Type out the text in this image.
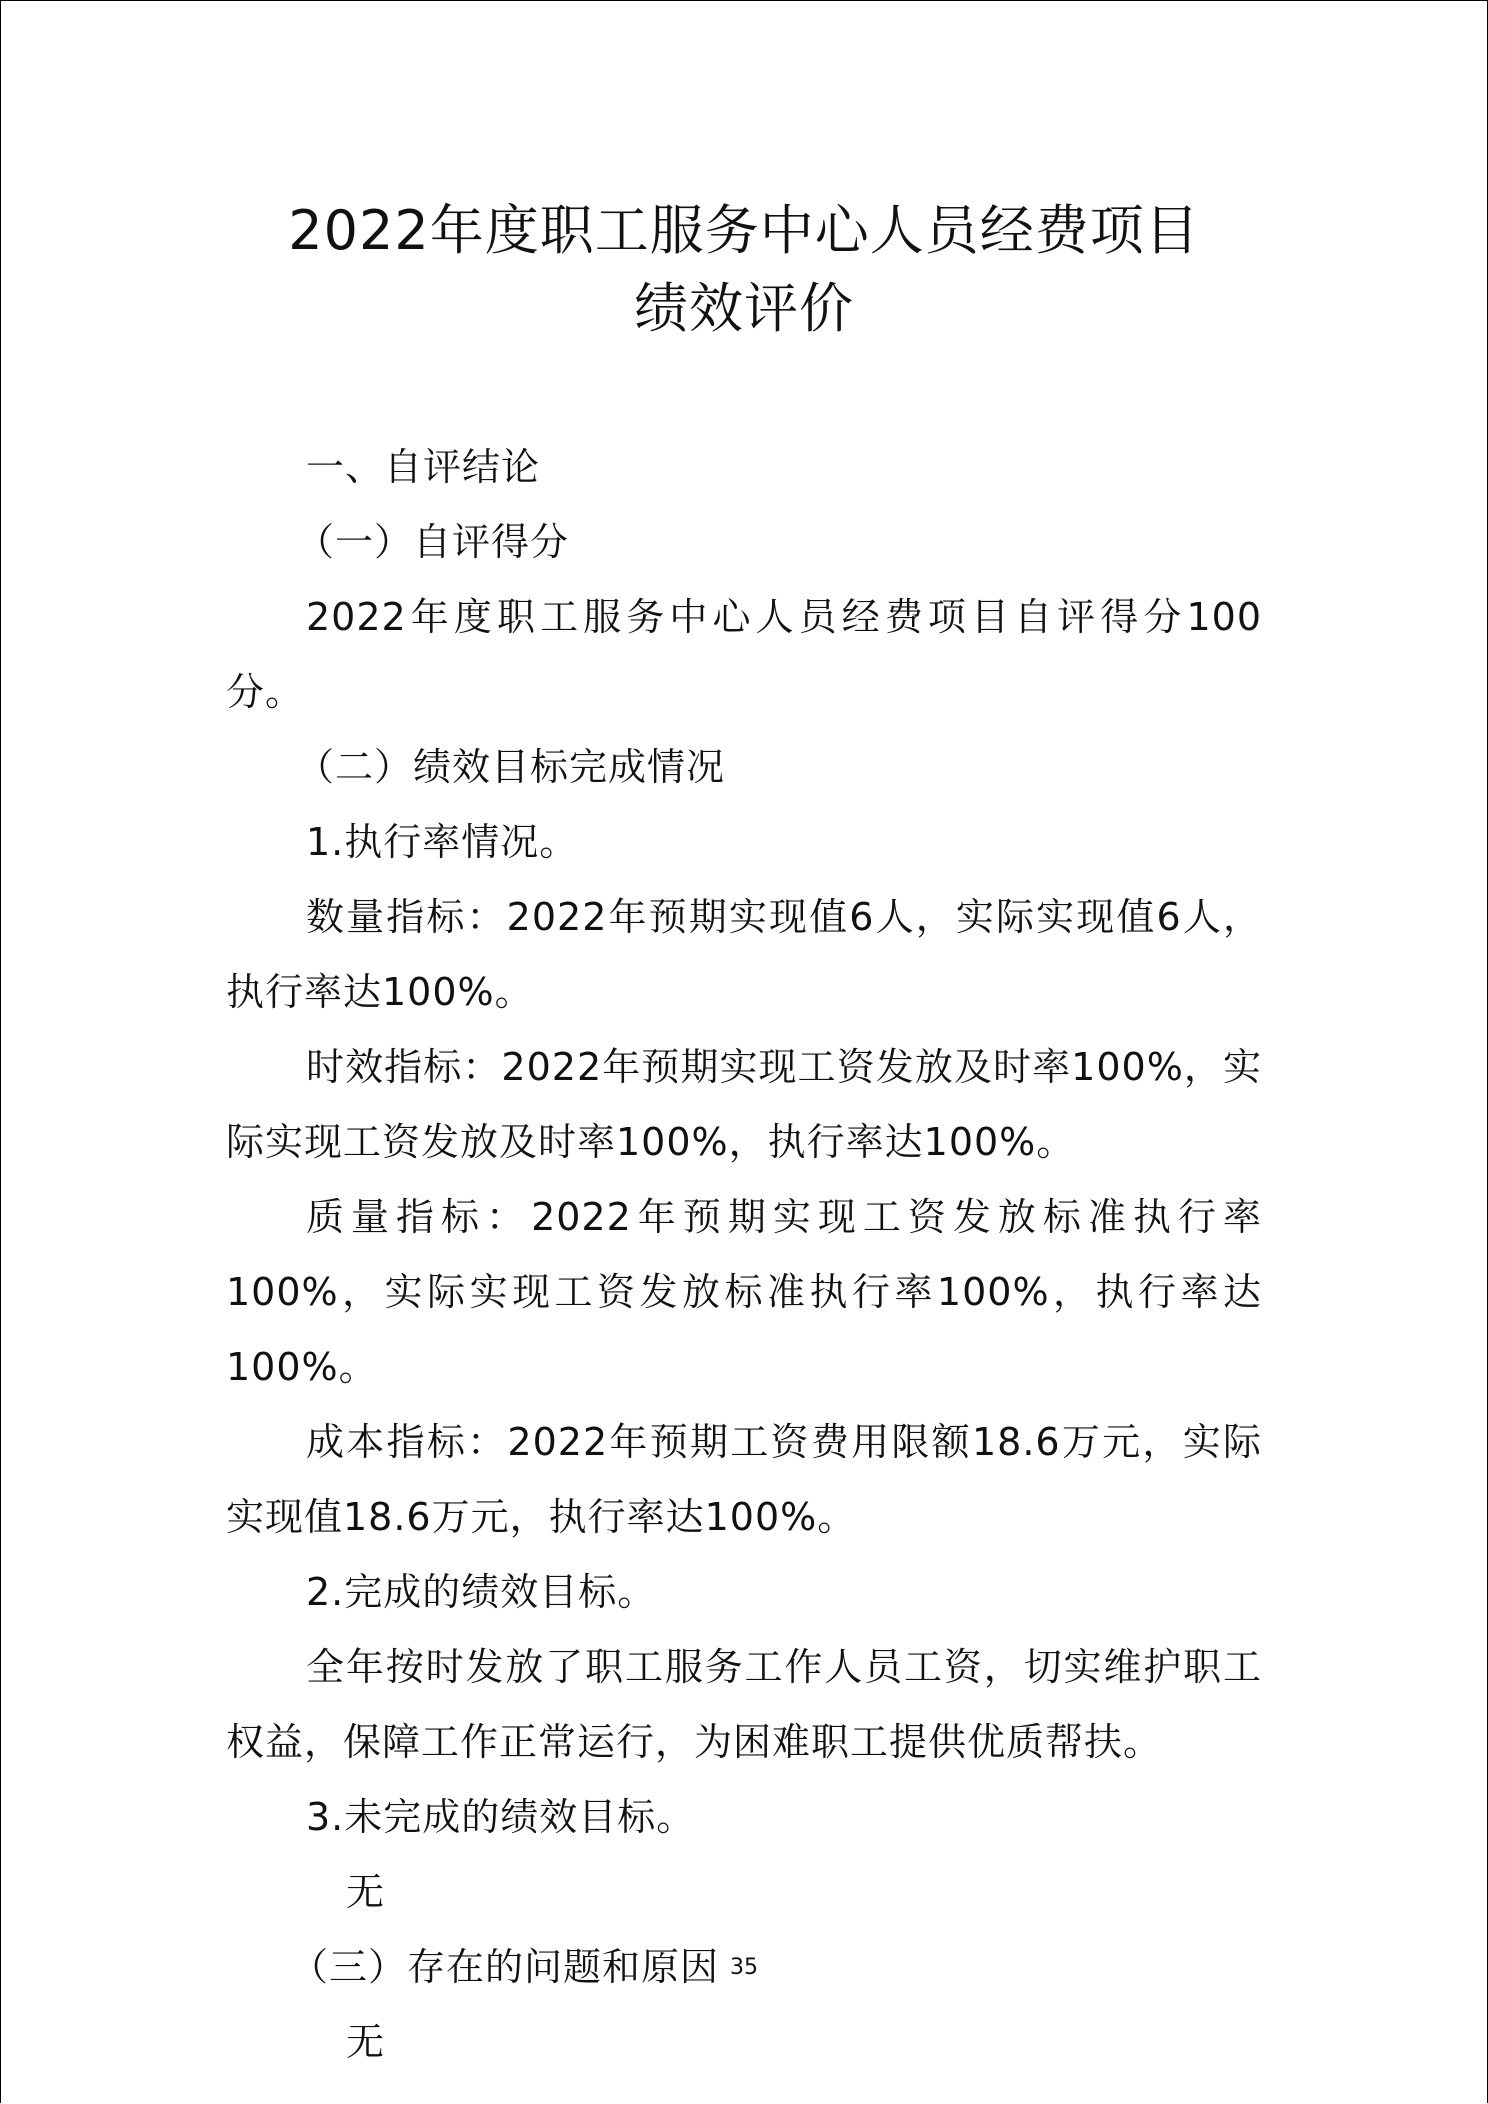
2022年度职工服务中心人员经费项目
绩效评价

一、自评结论

（一）自评得分

2022年度职工服务中心人员经费项目自评得分100分。

（二）绩效目标完成情况

1.执行率情况。

数量指标：2022年预期实现值6人，实际实现值6人，执行率达100%。

时效指标：2022年预期实现工资发放及时率100%，实际实现工资发放及时率100%，执行率达100%。

质量指标：2022年预期实现工资发放标准执行率100%，实际实现工资发放标准执行率100%，执行率达100%。

成本指标：2022年预期工资费用限额18.6万元，实际实现值18.6万元，执行率达100%。

2.完成的绩效目标。

全年按时发放了职工服务工作人员工资，切实维护职工权益，保障工作正常运行，为困难职工提供优质帮扶。

3.未完成的绩效目标。

无

（三）存在的问题和原因

无

35
